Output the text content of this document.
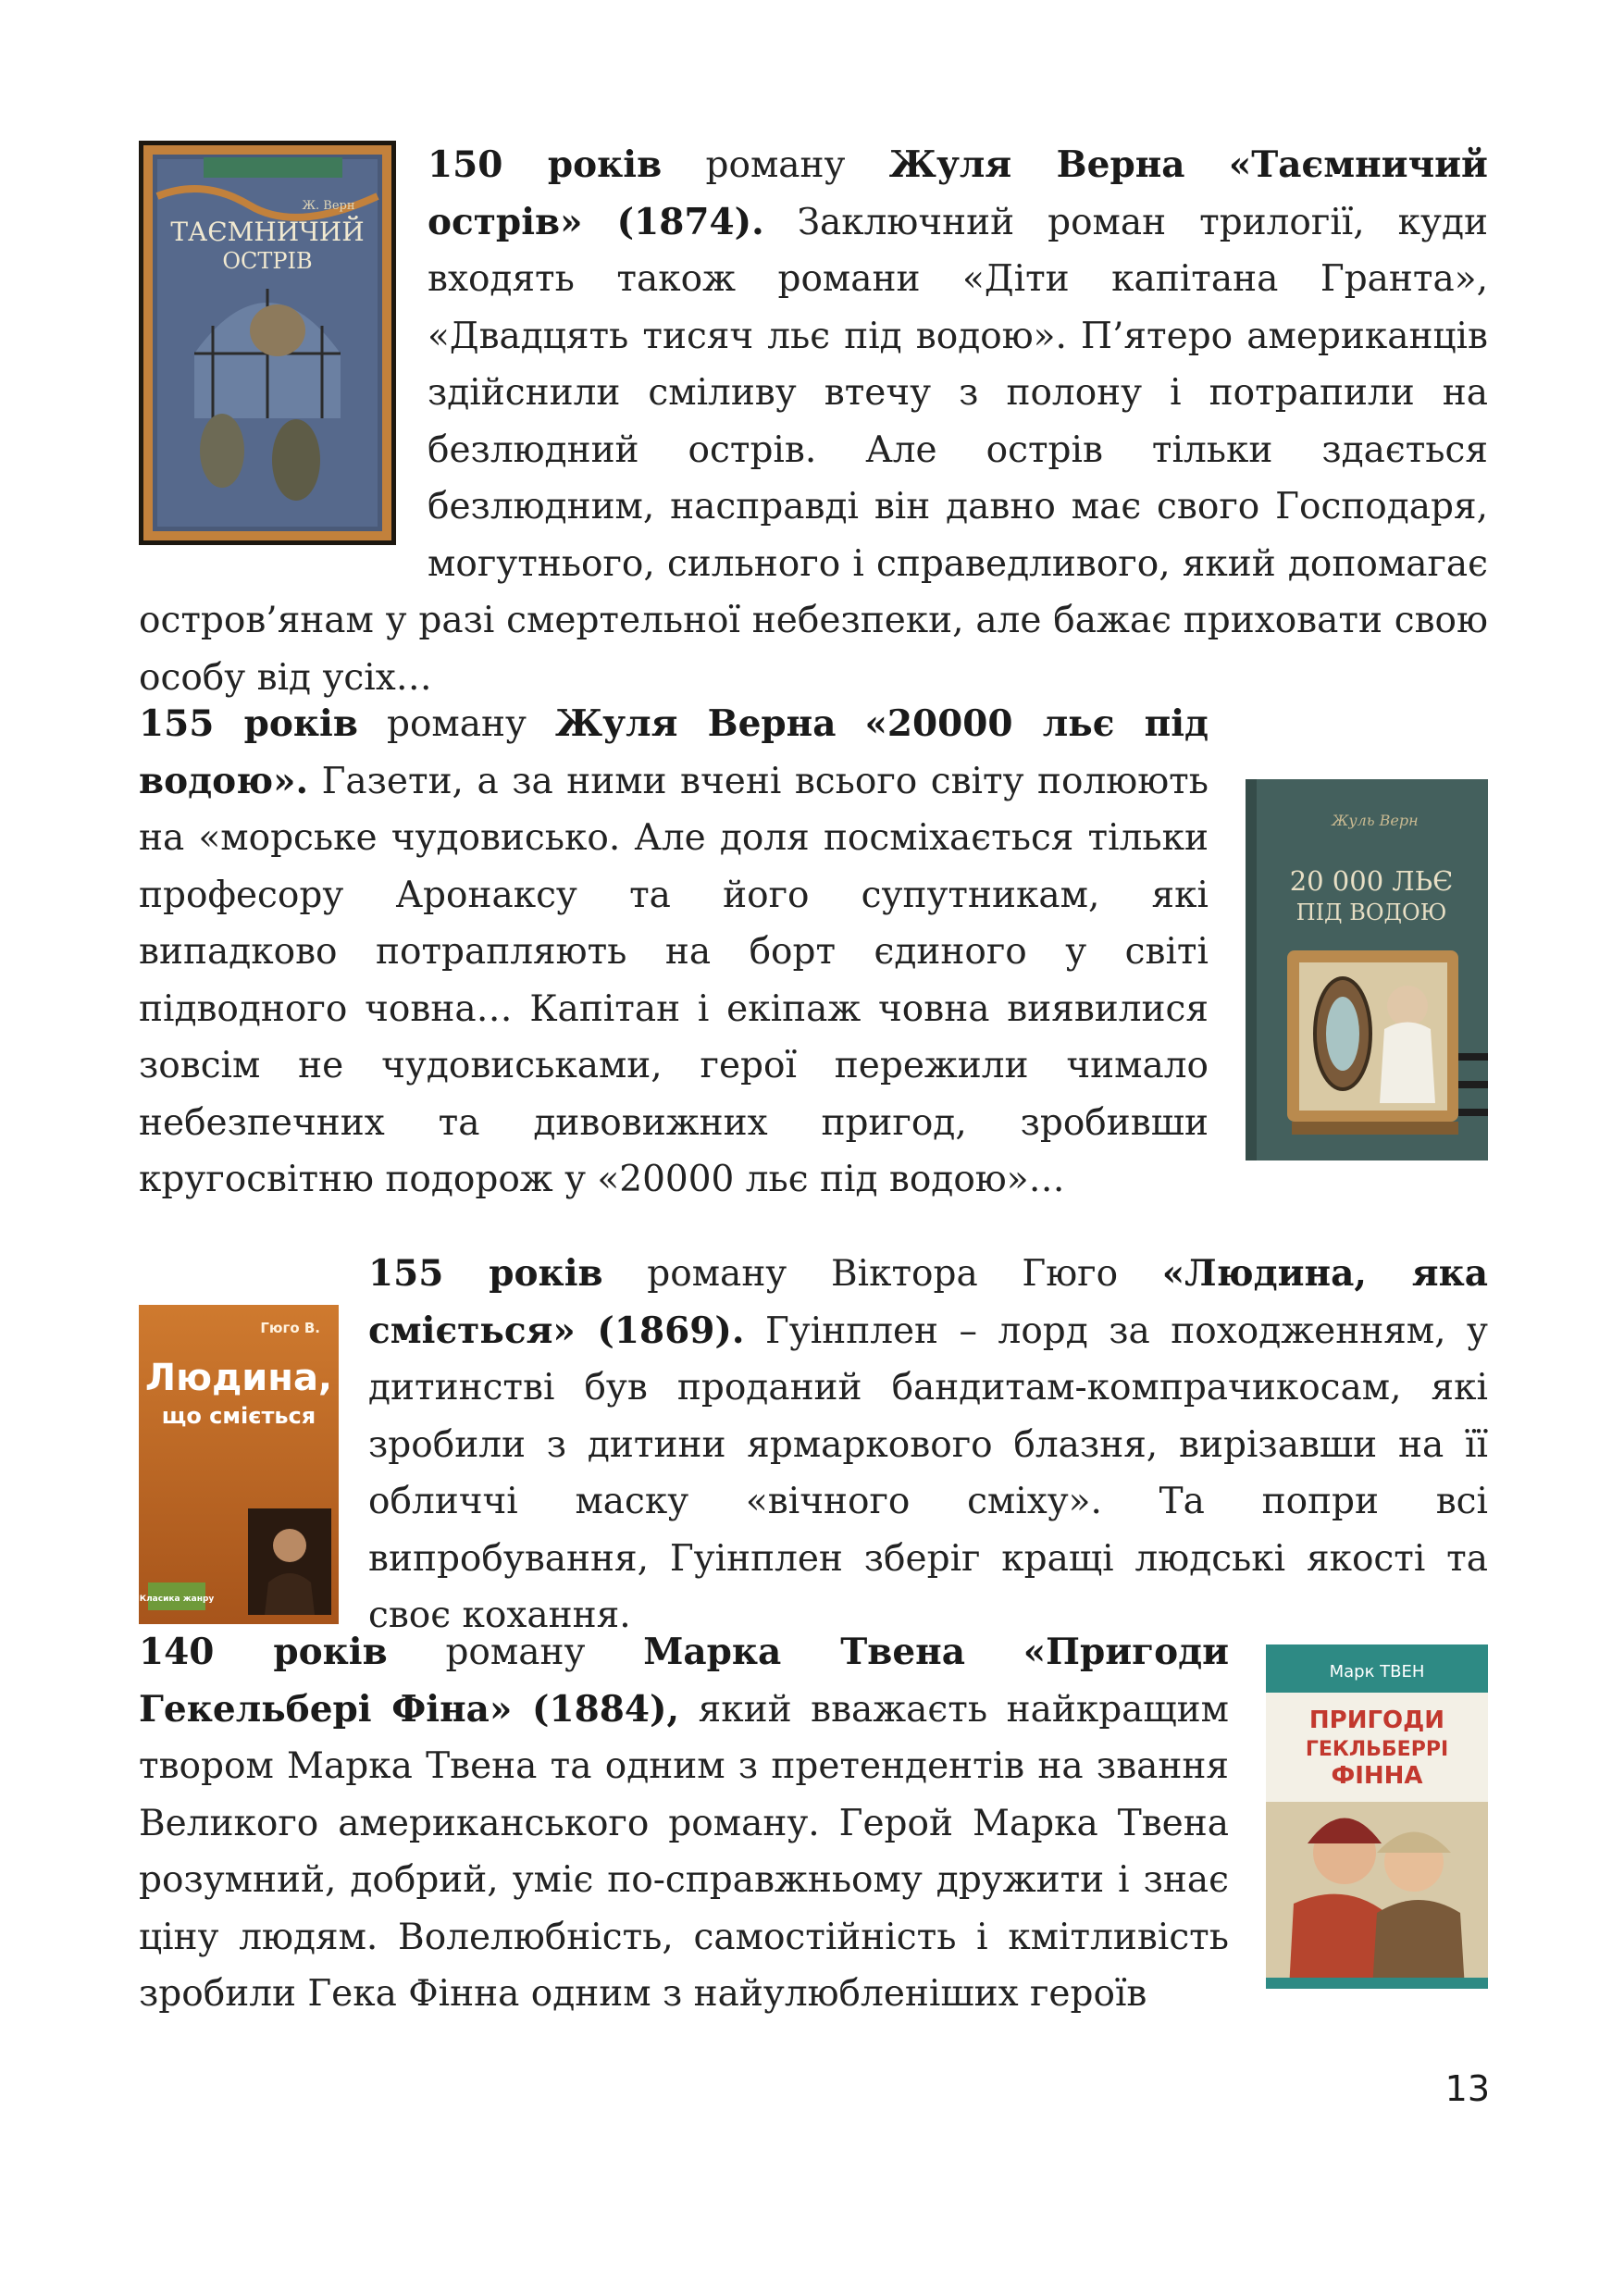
ТАЄМНИЧИЙ
ОСТРІВ
Ж. Верн

150 років роману Жуля Верна «Таємничий острів» (1874). Заключний роман трилогії, куди входять також романи «Діти капітана Гранта», «Двадцять тисяч льє під водою». П’ятеро американців здійснили сміливу втечу з полону і потрапили на безлюдний острів. Але острів тільки здається безлюдним, насправді він давно має свого Господаря, могутнього, сильного і справедливого, який допомагає остров’янам у разі смертельної небезпеки, але бажає приховати свою особу від усіх…

Жуль Верн
20 000 ЛЬЄ
ПІД ВОДОЮ

155 років роману Жуля Верна «20000 льє під водою». Газети, а за ними вчені всього світу полюють на «морське чудовисько. Але доля посміхається тільки професору Аронаксу та його супутникам, які випадково потрапляють на борт єдиного у світі підводного човна… Капітан і екіпаж човна виявилися зовсім не чудовиськами, герої пережили чимало небезпечних та дивовижних пригод, зробивши кругосвітню подорож у «20000 льє під водою»…

Гюго В.
Людина,
що сміється
Класика жанру

155 років роману Віктора Гюго «Людина, яка сміється» (1869). Гуінплен – лорд за походженням, у дитинстві був проданий бандитам-компрачикосам, які зробили з дитини ярмаркового блазня, вирізавши на її обличчі маску «вічного сміху». Та попри всі випробування, Гуінплен зберіг кращі людські якості та своє кохання.

Марк ТВЕН
ПРИГОДИ
ГЕКЛЬБЕРРІ
ФІННА

140 років роману Марка Твена «Пригоди Гекельбері Фіна» (1884), який вважаєть найкращим твором Марка Твена та одним з претендентів на звання Великого американського роману. Герой Марка Твена розумний, добрий, уміє по-справжньому дружити і знає ціну людям. Волелюбність, самостійність і кмітливість зробили Гека Фінна одним з найулюбленіших героїв

13
